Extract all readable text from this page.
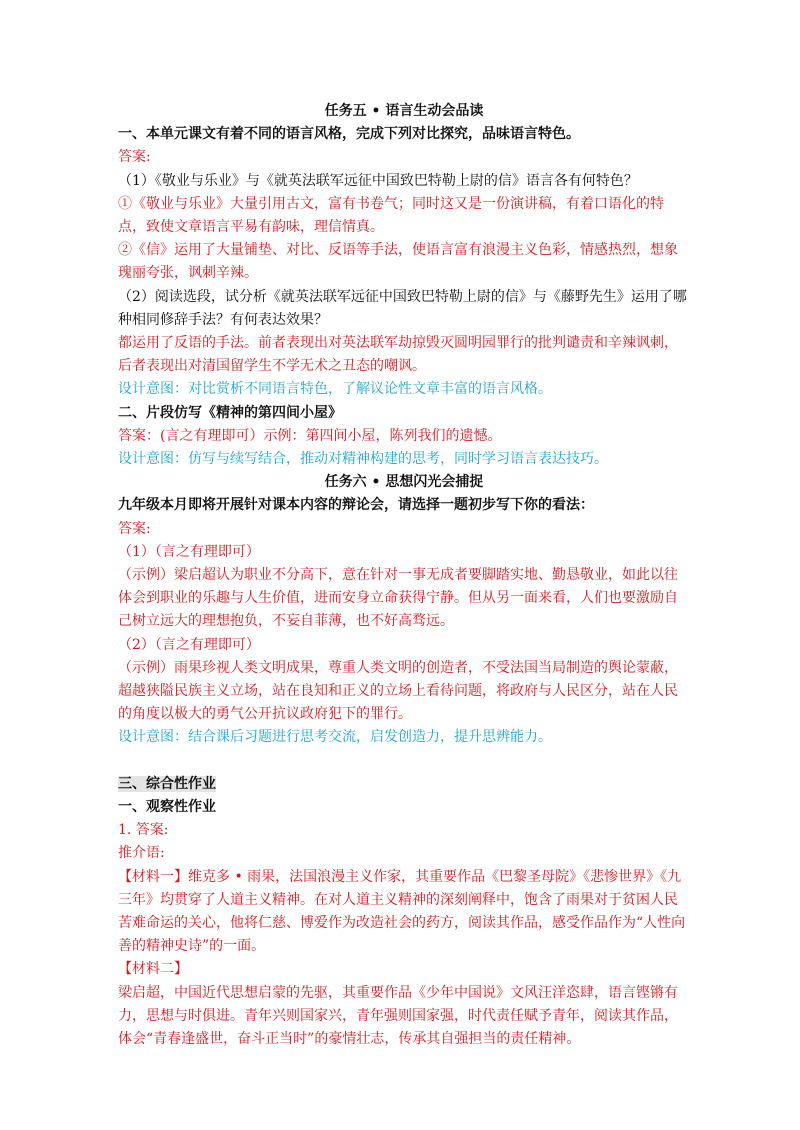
任务五 • 语言生动会品读

一、本单元课文有着不同的语言风格，完成下列对比探究，品味语言特色。

答案:

（1）《敬业与乐业》与《就英法联军远征中国致巴特勒上尉的信》语言各有何特色？

①《敬业与乐业》大量引用古文，富有书卷气；同时这又是一份演讲稿，有着口语化的特点，致使文章语言平易有韵味，理信情真。

②《信》运用了大量铺垫、对比、反语等手法，使语言富有浪漫主义色彩，情感热烈，想象瑰丽夸张，讽刺辛辣。

（2）阅读选段，试分析《就英法联军远征中国致巴特勒上尉的信》与《藤野先生》运用了哪种相同修辞手法？有何表达效果？

都运用了反语的手法。前者表现出对英法联军劫掠毁灭圆明园罪行的批判谴责和辛辣讽刺，后者表现出对清国留学生不学无术之丑态的嘲讽。

设计意图：对比赏析不同语言特色，了解议论性文章丰富的语言风格。

二、片段仿写《精神的第四间小屋》

答案：(言之有理即可）示例：第四间小屋，陈列我们的遗憾。

设计意图：仿写与续写结合，推动对精神构建的思考，同时学习语言表达技巧。

任务六 • 思想闪光会捕捉

九年级本月即将开展针对课本内容的辩论会，请选择一题初步写下你的看法：

答案:

（1）（言之有理即可）

（示例）梁启超认为职业不分高下，意在针对一事无成者要脚踏实地、勤恳敬业，如此以往体会到职业的乐趣与人生价值，进而安身立命获得宁静。但从另一面来看，人们也要激励自己树立远大的理想抱负，不妄自菲薄，也不好高骛远。

（2）（言之有理即可）

（示例）雨果珍视人类文明成果，尊重人类文明的创造者，不受法国当局制造的舆论蒙蔽，超越狭隘民族主义立场，站在良知和正义的立场上看待问题，将政府与人民区分，站在人民的角度以极大的勇气公开抗议政府犯下的罪行。

设计意图：结合课后习题进行思考交流，启发创造力，提升思辨能力。

三、综合性作业

一、观察性作业

1. 答案:

推介语:

【材料一】维克多 • 雨果，法国浪漫主义作家，其重要作品《巴黎圣母院》《悲惨世界》《九三年》均贯穿了人道主义精神。在对人道主义精神的深刻阐释中，饱含了雨果对于贫困人民苦难命运的关心，他将仁慈、博爱作为改造社会的药方，阅读其作品，感受作品作为“人性向善的精神史诗”的一面。

【材料二】

梁启超，中国近代思想启蒙的先驱，其重要作品《少年中国说》文风汪洋恣肆，语言铿锵有力，思想与时俱进。青年兴则国家兴，青年强则国家强，时代责任赋予青年，阅读其作品，体会“青春逢盛世，奋斗正当时”的豪情壮志，传承其自强担当的责任精神。
